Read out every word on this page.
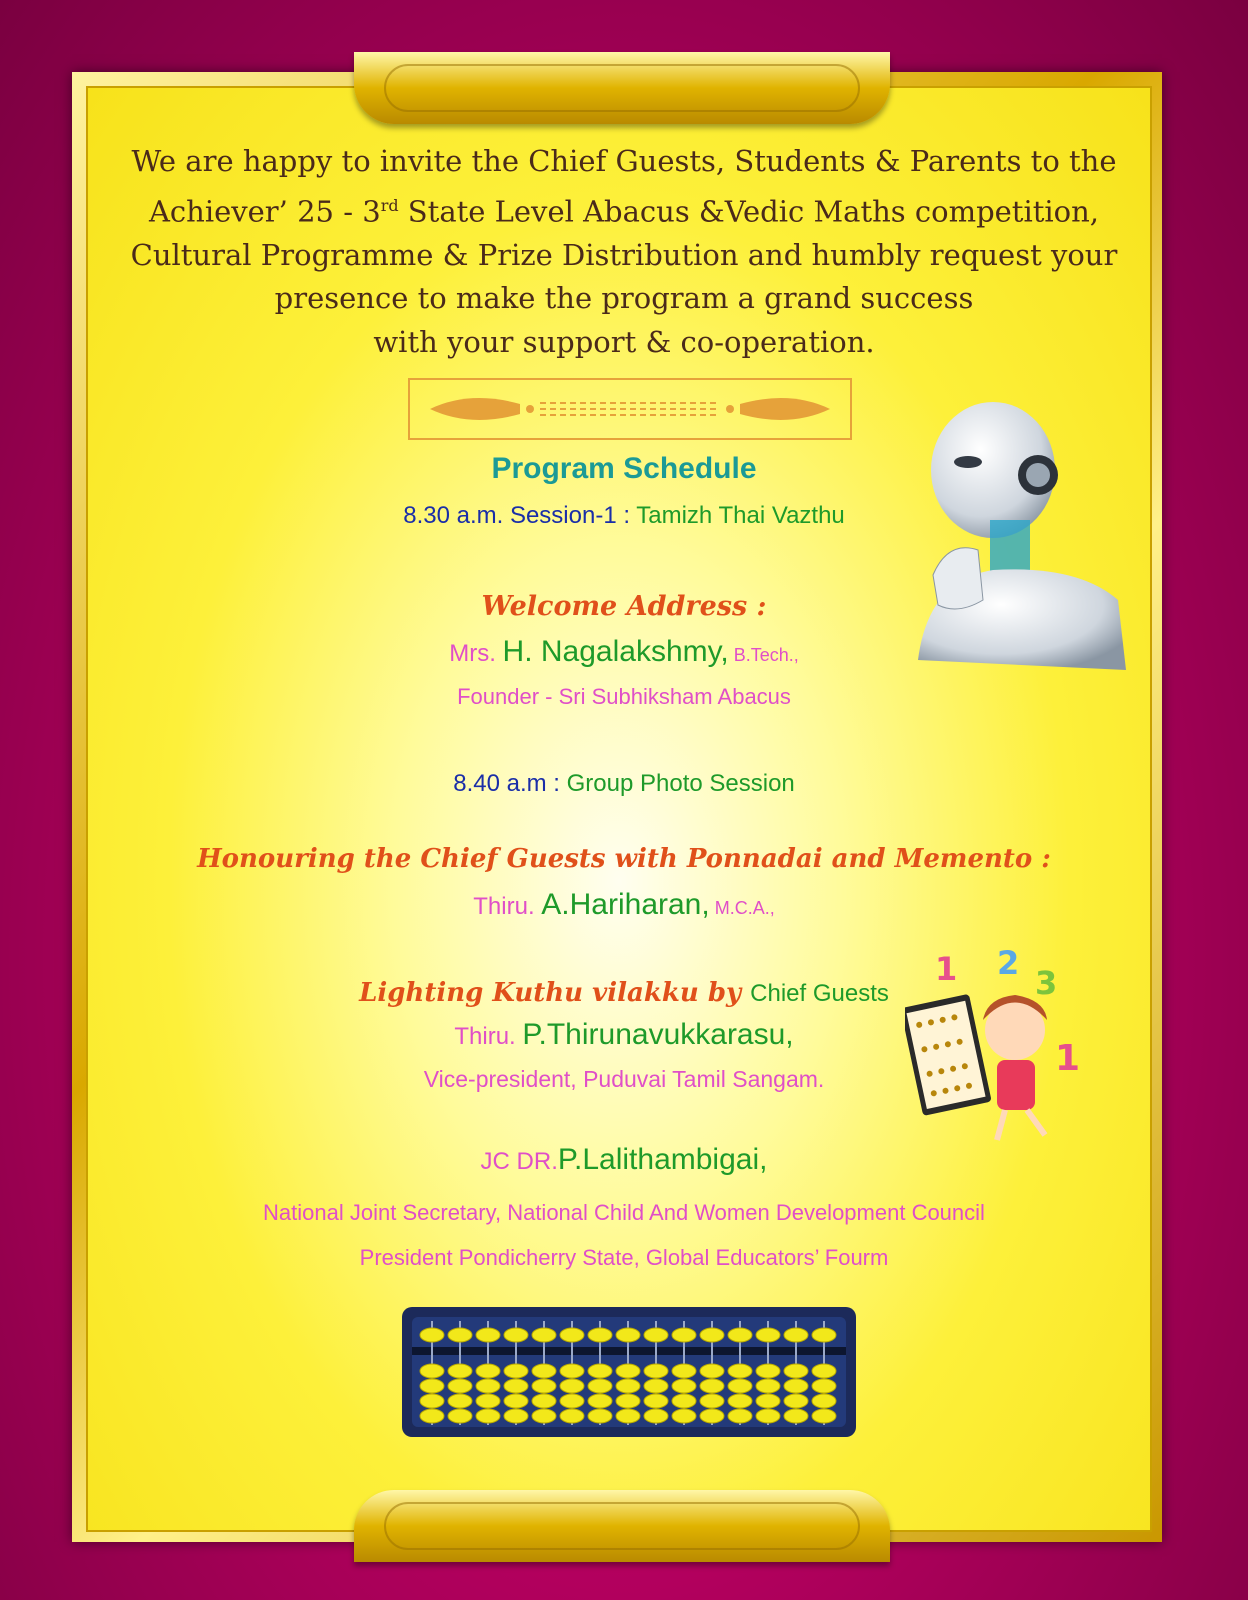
We are happy to invite the Chief Guests, Students & Parents to the
Achiever’ 25 - 3rd State Level Abacus &Vedic Maths competition,
Cultural Programme & Prize Distribution and humbly request your
presence to make the program a grand success
with your support & co-operation.
Program Schedule
8.30 a.m. Session-1 : Tamizh Thai Vazthu
Welcome Address :
Mrs. H. Nagalakshmy, B.Tech.,
Founder - Sri Subhiksham Abacus
8.40 a.m : Group Photo Session
Honouring the Chief Guests with Ponnadai and Memento :
Thiru. A.Hariharan, M.C.A.,
Lighting Kuthu vilakku by Chief Guests
Thiru. P.Thirunavukkarasu,
Vice-president, Puduvai Tamil Sangam.
JC DR.P.Lalithambigai,
National Joint Secretary, National Child And Women Development Council
President Pondicherry State, Global Educators’ Fourm
1 2
3
1
